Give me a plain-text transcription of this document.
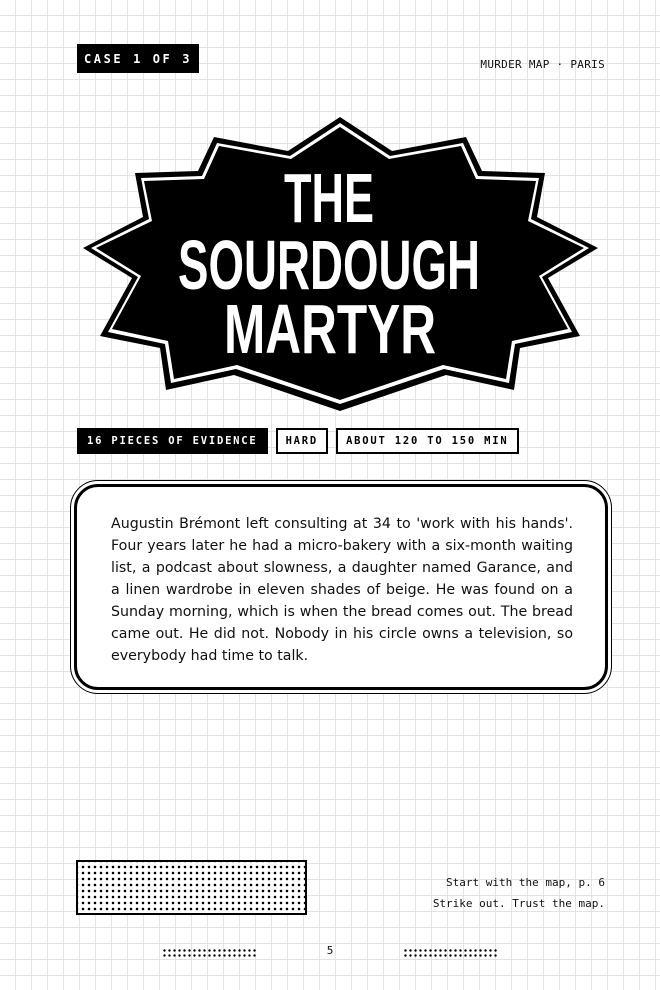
CASE 1 OF 3	MURDER MAP · PARIS
THE
SOURDOUGH
MARTYR
16 PIECES OF EVIDENCE	HARD	ABOUT 120 TO 150 MIN

Augustin Brémont left consulting at 34 to 'work with his hands'. Four years later he had a micro-bakery with a six-month waiting list, a podcast about slowness, a daughter named Garance, and a linen wardrobe in eleven shades of beige. He was found on a Sunday morning, which is when the bread comes out. The bread came out. He did not. Nobody in his circle owns a television, so everybody had time to talk.

Start with the map, p. 6
Strike out. Trust the map.
5
